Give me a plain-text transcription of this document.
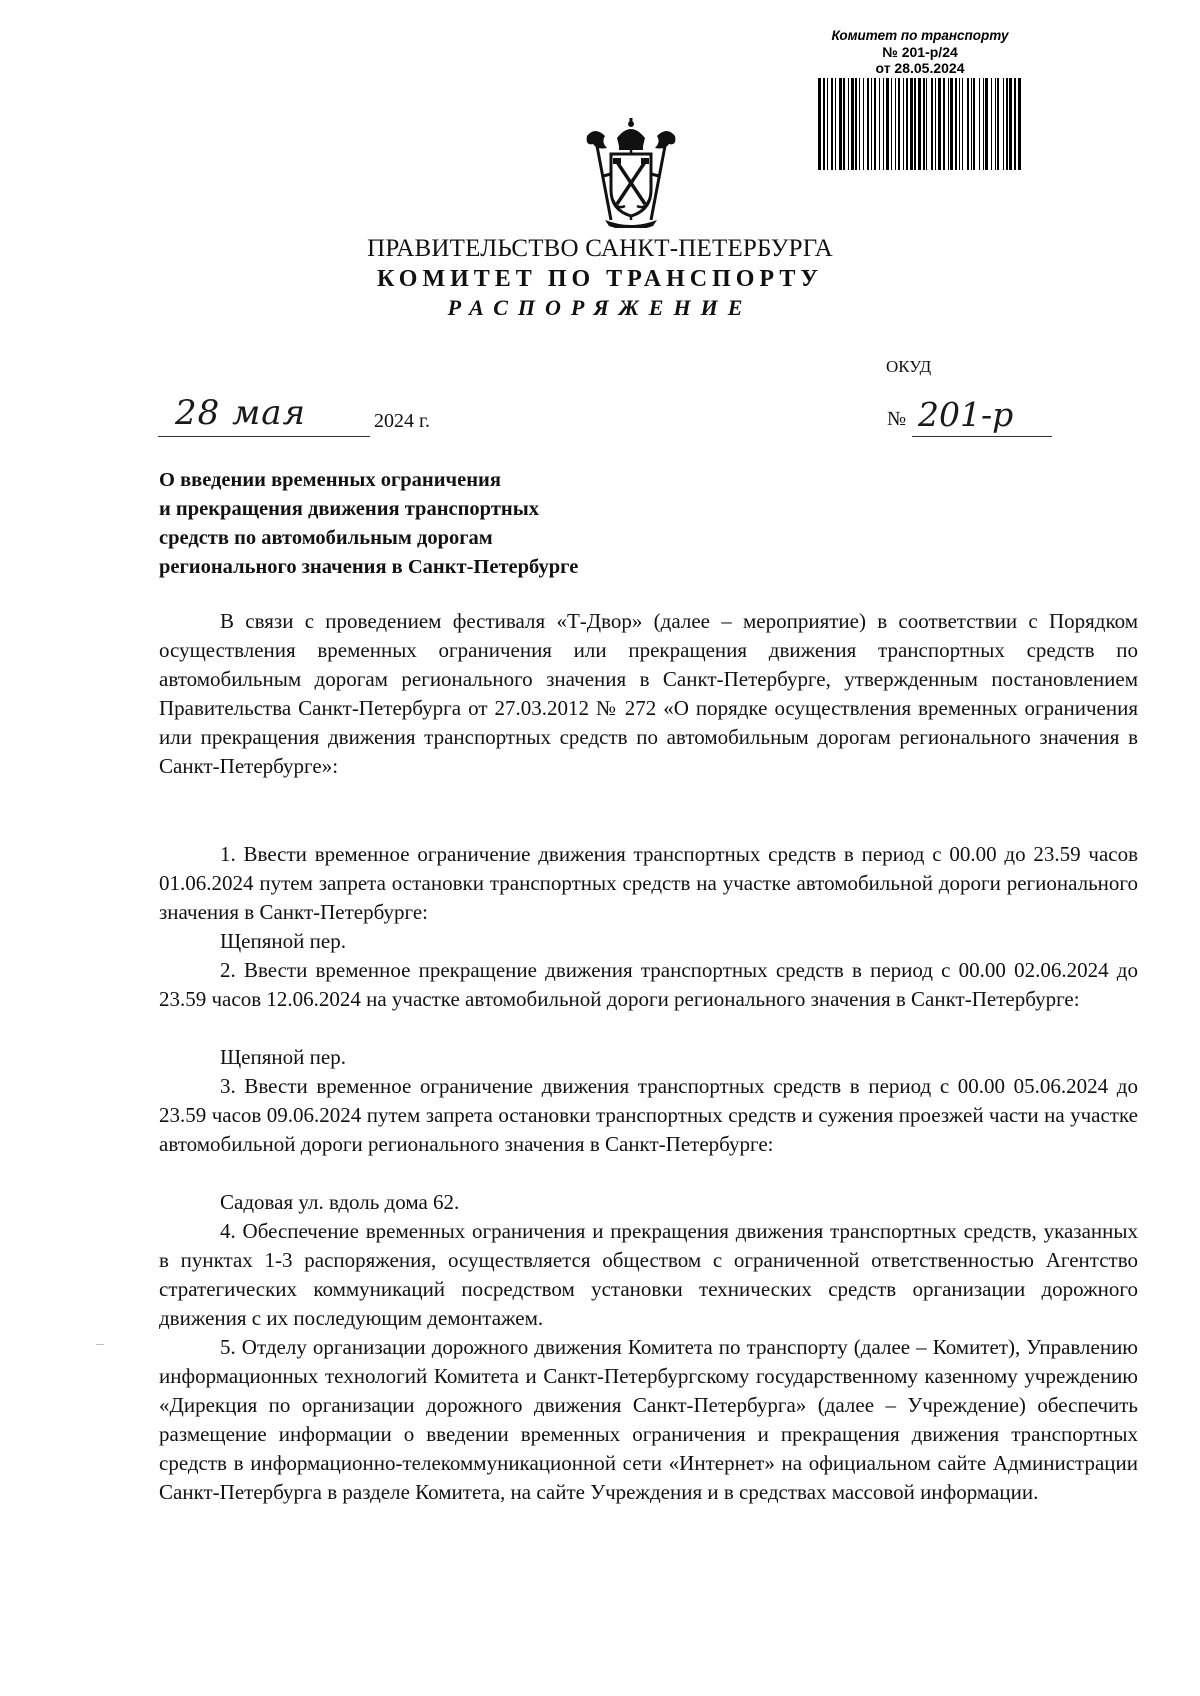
Комитет по транспорту
№ 201-р/24
от 28.05.2024
ПРАВИТЕЛЬСТВО САНКТ-ПЕТЕРБУРГА
КОМИТЕТ ПО ТРАНСПОРТУ
РАСПОРЯЖЕНИЕ
ОКУД
28 мая	2024 г.	№ 201-р
О введении временных ограничения
и прекращения движения транспортных
средств по автомобильным дорогам
регионального значения в Санкт-Петербурге

В связи с проведением фестиваля «Т-Двор» (далее – мероприятие) в соответствии с Порядком осуществления временных ограничения или прекращения движения транспортных средств по автомобильным дорогам регионального значения в Санкт-Петербурге, утвержденным постановлением Правительства Санкт-Петербурга от 27.03.2012 № 272 «О порядке осуществления временных ограничения или прекращения движения транспортных средств по автомобильным дорогам регионального значения в Санкт-Петербурге»:

1. Ввести временное ограничение движения транспортных средств в период с 00.00 до 23.59 часов 01.06.2024 путем запрета остановки транспортных средств на участке автомобильной дороги регионального значения в Санкт-Петербурге:

Щепяной пер.

2. Ввести временное прекращение движения транспортных средств в период с 00.00 02.06.2024 до 23.59 часов 12.06.2024 на участке автомобильной дороги регионального значения в Санкт-Петербурге:

Щепяной пер.

3. Ввести временное ограничение движения транспортных средств в период с 00.00 05.06.2024 до 23.59 часов 09.06.2024 путем запрета остановки транспортных средств и сужения проезжей части на участке автомобильной дороги регионального значения в Санкт-Петербурге:

Садовая ул. вдоль дома 62.

4. Обеспечение временных ограничения и прекращения движения транспортных средств, указанных в пунктах 1-3 распоряжения, осуществляется обществом с ограниченной ответственностью Агентство стратегических коммуникаций посредством установки технических средств организации дорожного движения с их последующим демонтажем.

5. Отделу организации дорожного движения Комитета по транспорту (далее – Комитет), Управлению информационных технологий Комитета и Санкт-Петербургскому государственному казенному учреждению «Дирекция по организации дорожного движения Санкт-Петербурга» (далее – Учреждение) обеспечить размещение информации о введении временных ограничения и прекращения движения транспортных средств в информационно-телекоммуникационной сети «Интернет» на официальном сайте Администрации Санкт-Петербурга в разделе Комитета, на сайте Учреждения и в средствах массовой информации.
